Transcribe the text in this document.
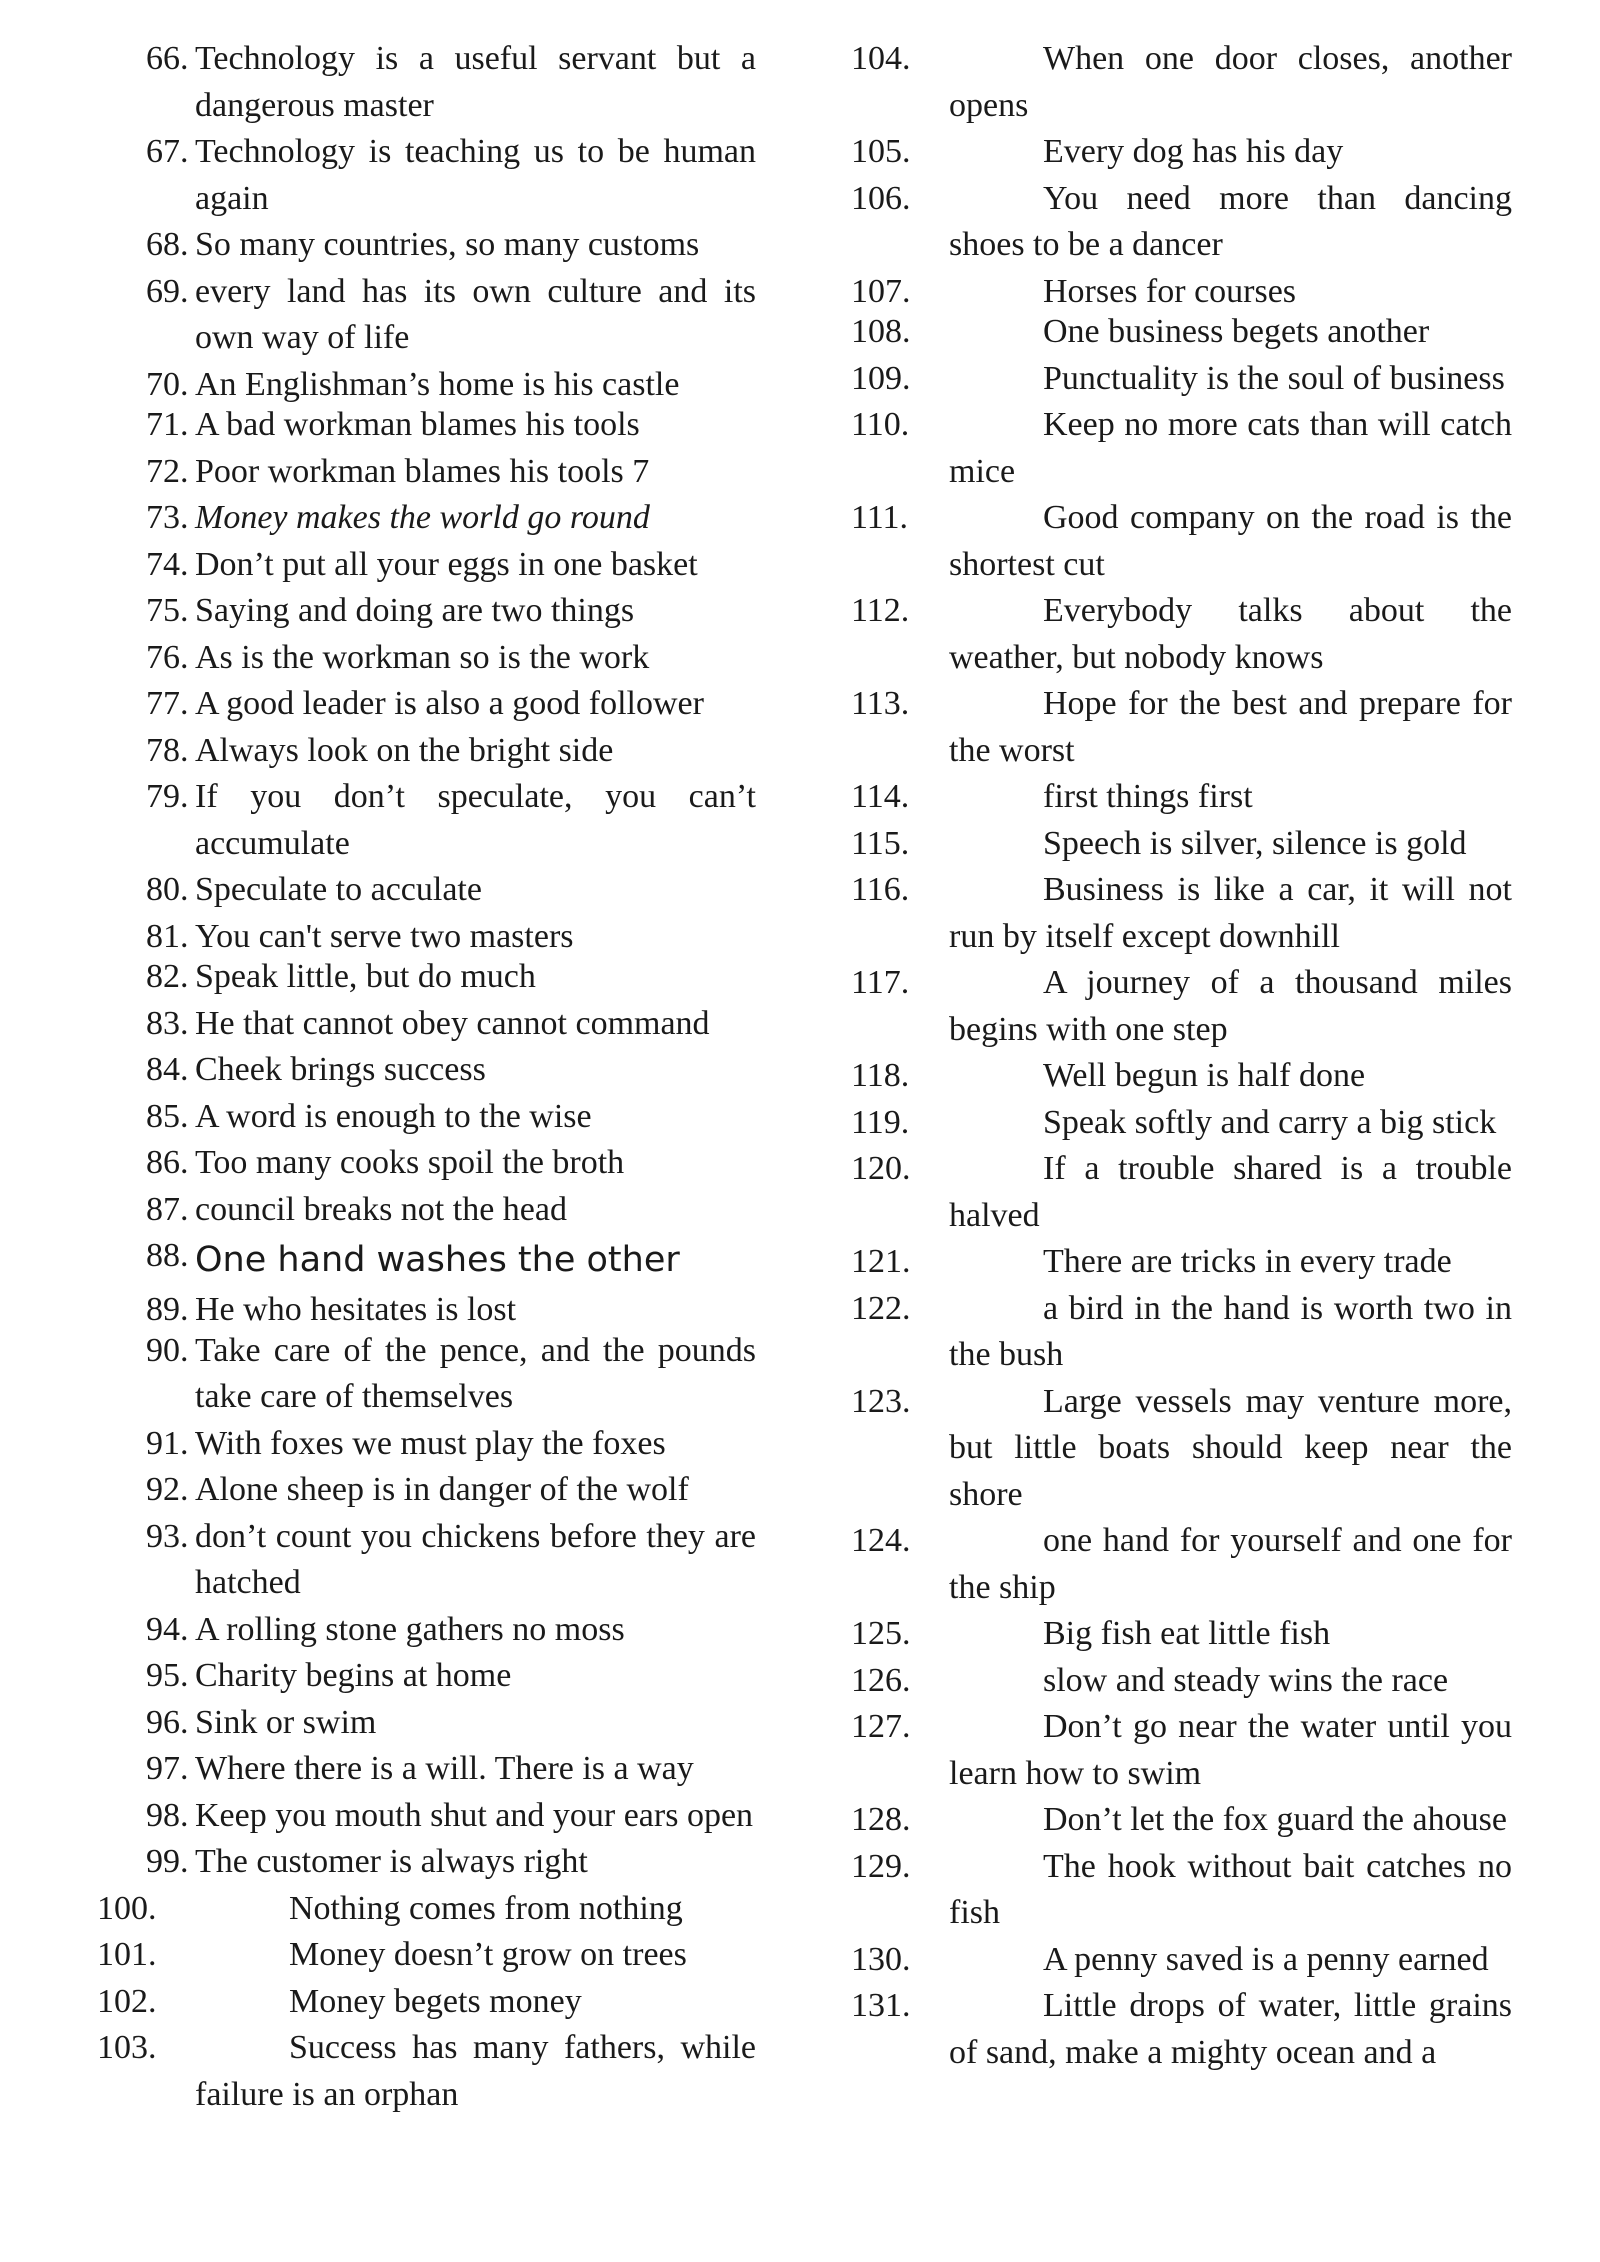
66. Technology is a useful servant but a dangerous master
67. Technology is teaching us to be human again
68. So many countries, so many customs
69. every land has its own culture and its own way of life
70. An Englishman’s home is his castle
71. A bad workman blames his tools
72. Poor workman blames his tools 7
73. Money makes the world go round
74. Don’t put all your eggs in one basket
75. Saying and doing are two things
76. As is the workman so is the work
77. A good leader is also a good follower
78. Always look on the bright side
79. If you don’t speculate, you can’t accumulate
80. Speculate to acculate
81. You can't serve two masters
82. Speak little, but do much
83. He that cannot obey cannot command
84. Cheek brings success
85. A word is enough to the wise
86. Too many cooks spoil the broth
87. council breaks not the head
88. One hand washes the other
89. He who hesitates is lost
90. Take care of the pence, and the pounds take care of themselves
91. With foxes we must play the foxes
92. Alone sheep is in danger of the wolf
93. don’t count you chickens before they are hatched
94. A rolling stone gathers no moss
95. Charity begins at home
96. Sink or swim
97. Where there is a will. There is a way
98. Keep you mouth shut and your ears open
99. The customer is always right
100.	Nothing comes from nothing
101.	Money doesn’t grow on trees
102.	Money begets money
103.	Success has many fathers, while failure is an orphan
104.	When one door closes, another opens
105.	Every dog has his day
106.	You need more than dancing shoes to be a dancer
107.	Horses for courses
108.	One business begets another
109.	Punctuality is the soul of business
110.	Keep no more cats than will catch mice
111.	Good company on the road is the shortest cut
112.	Everybody talks about the weather, but nobody knows
113.	Hope for the best and prepare for the worst
114.	first things first
115.	Speech is silver, silence is gold
116.	Business is like a car, it will not run by itself except downhill
117.	A journey of a thousand miles begins with one step
118.	Well begun is half done
119.	Speak softly and carry a big stick
120.	If a trouble shared is a trouble halved
121.	There are tricks in every trade
122.	a bird in the hand is worth two in the bush
123.	Large vessels may venture more, but little boats should keep near the shore
124.	one hand for yourself and one for the ship
125.	Big fish eat little fish
126.	slow and steady wins the race
127.	Don’t go near the water until you learn how to swim
128.	Don’t let the fox guard the ahouse
129.	The hook without bait catches no fish
130.	A penny saved is a penny earned
131.	Little drops of water, little grains of sand, make a mighty ocean and a
